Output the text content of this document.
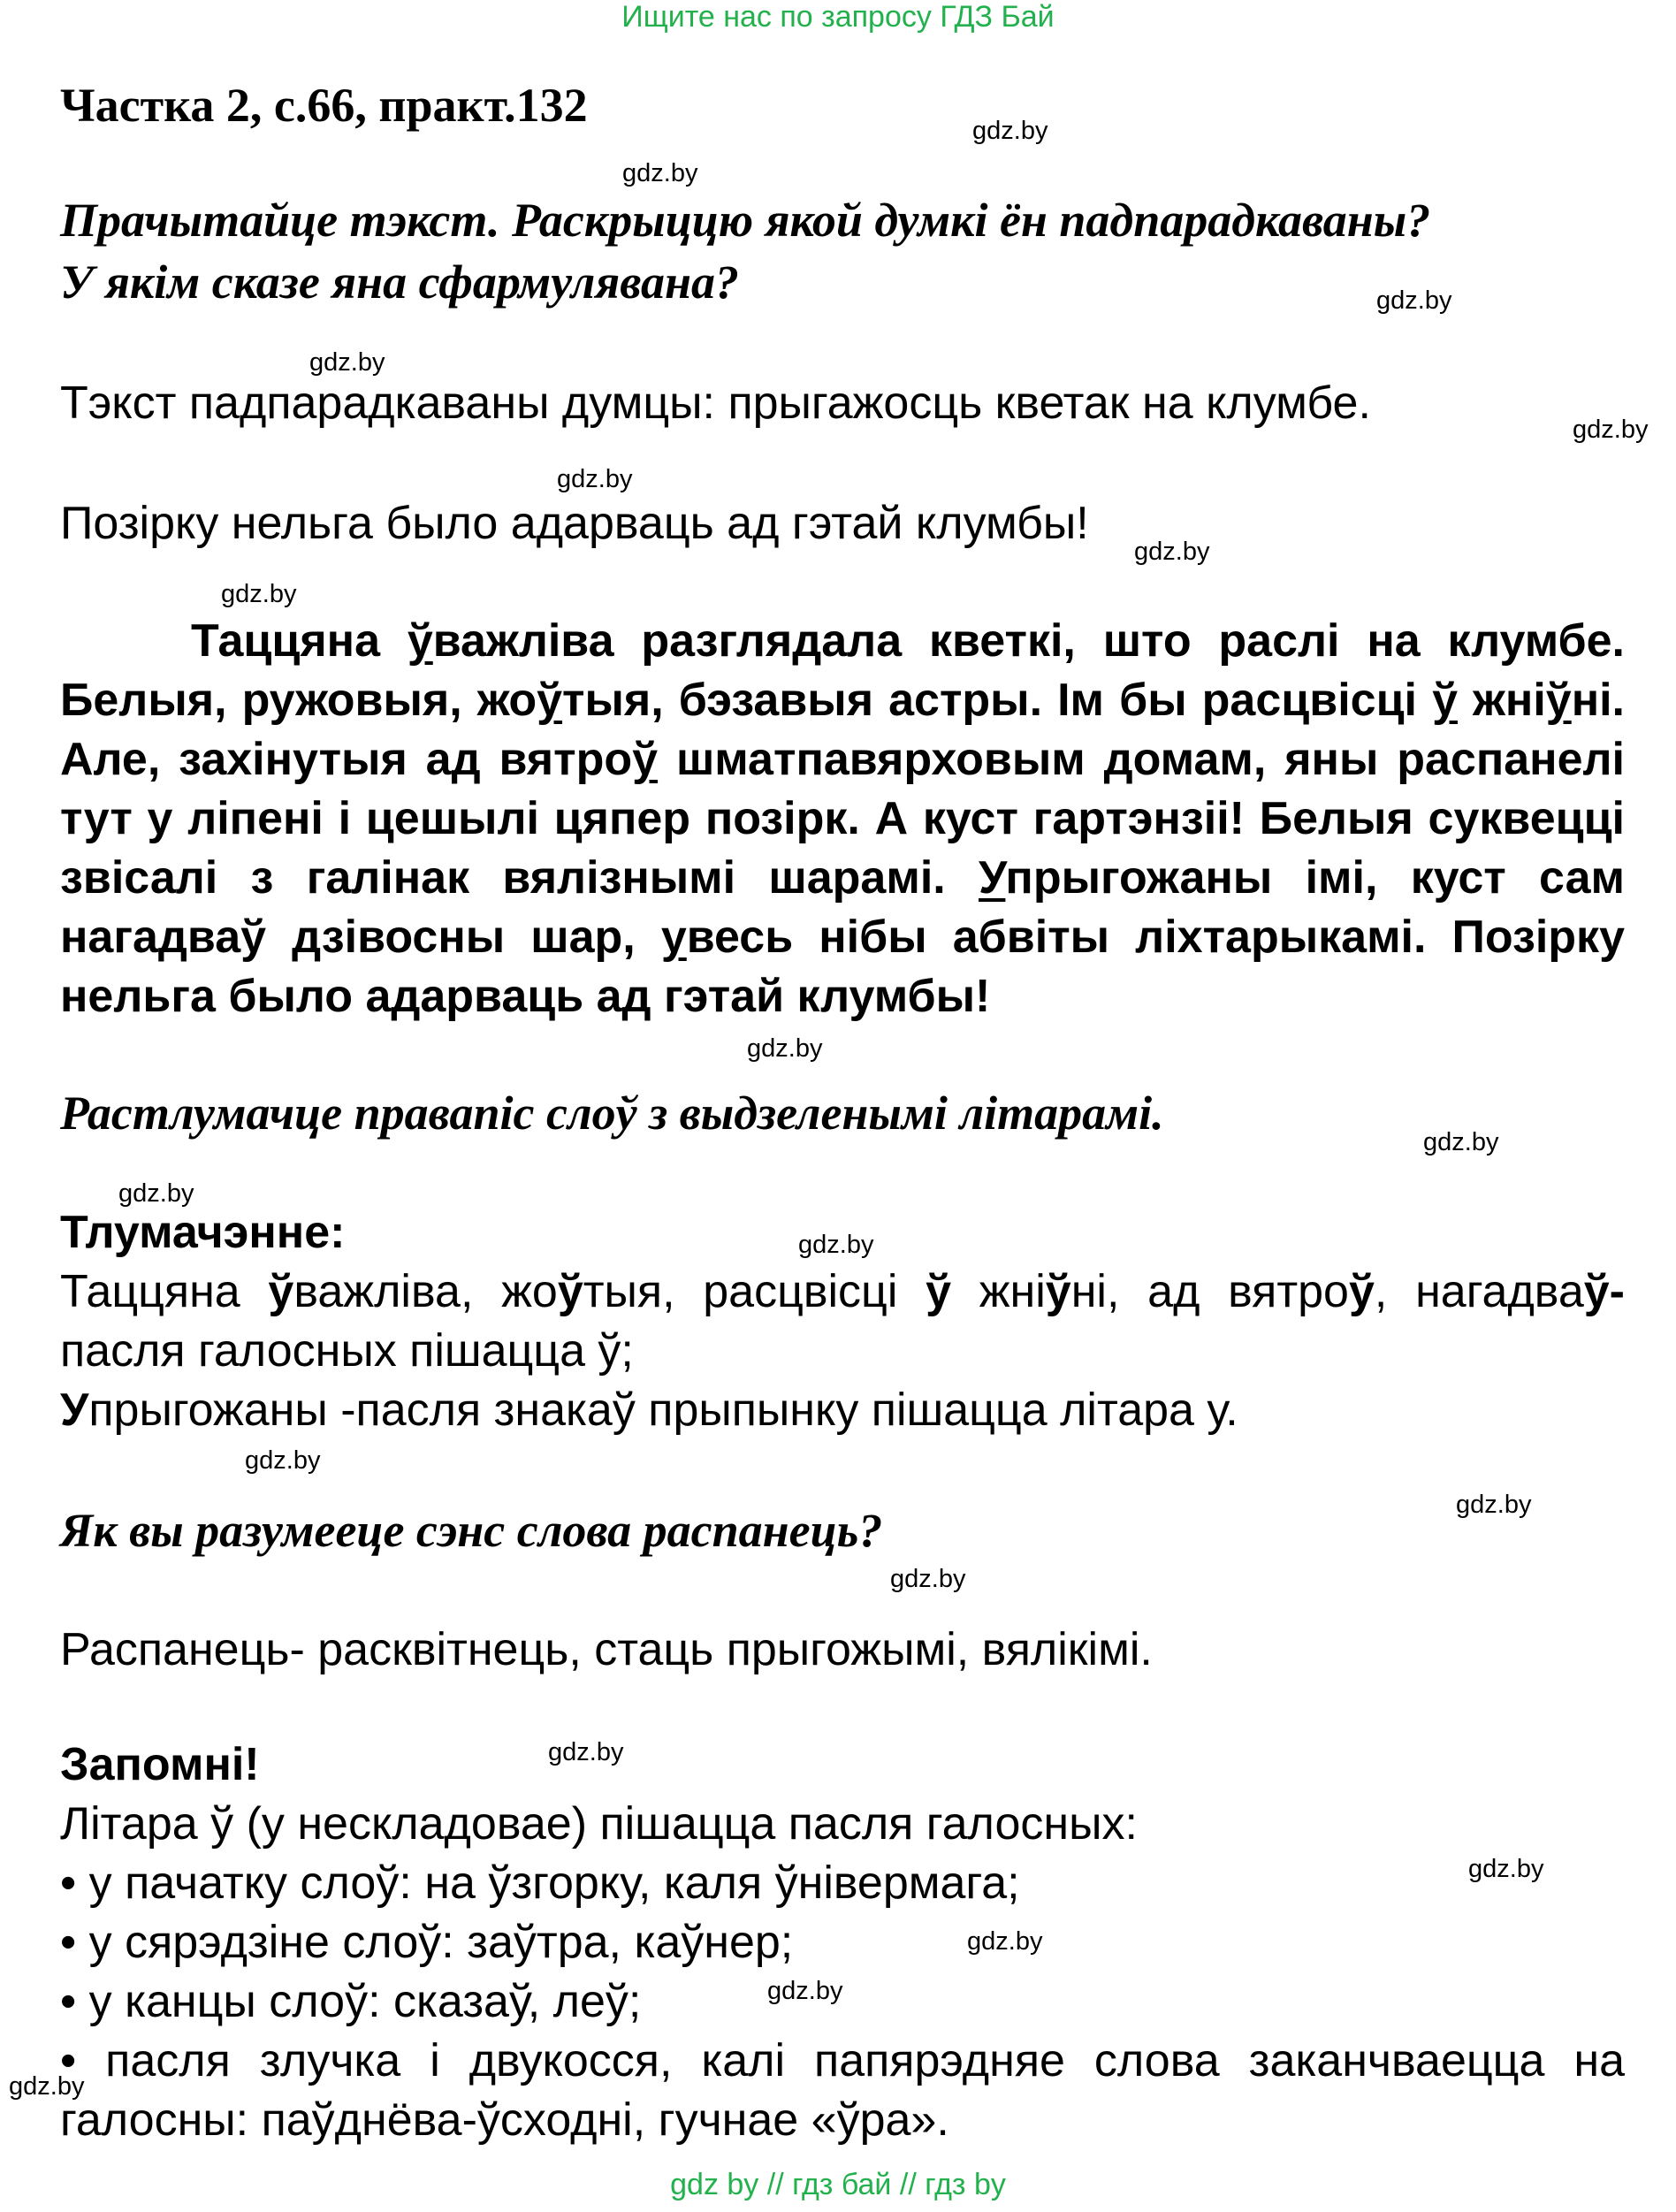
Ищите нас по запросу ГДЗ Бай
Частка 2, с.66, практ.132
Прачытайце тэкст. Раскрыццю якой думкі ён падпарадкаваны?
У якім сказе яна сфармулявана?
Тэкст падпарадкаваны думцы: прыгажосць кветак на клумбе.
Позірку нельга было адарваць ад гэтай клумбы!
Таццяна ўважліва разглядала кветкі, што раслі на клумбе. Белыя, ружовыя, жоўтыя, бэзавыя астры. Ім бы расцвісці ў жніўні. Але, захінутыя ад вятроў шматпавярховым домам, яны распанелі тут у ліпені і цешылі цяпер позірк. А куст гартэнзіі! Белыя суквецці звісалі з галінак вялізнымі шарамі. Упрыгожаны імі, куст сам нагадваў дзівосны шар, увесь нібы абвіты ліхтарыкамі. Позірку нельга было адарваць ад гэтай клумбы!
Растлумачце правапіс слоў з выдзеленымі літарамі.
Тлумачэнне:
Таццяна ўважліва, жоўтыя, расцвісці ў жніўні, ад вятроў, нагадваў-
пасля галосных пішацца ў;
Упрыгожаны -пасля знакаў прыпынку пішацца літара у.
Як вы разумееце сэнс слова распанець?
Распанець- расквітнець, стаць прыгожымі, вялікімі.
Запомні!
Літара ў (у нескладовае) пішацца пасля галосных:
• у пачатку слоў: на ўзгорку, каля ўнівермага;
• у сярэдзіне слоў: заўтра, каўнер;
• у канцы слоў: сказаў, леў;
• пасля злучка і двукосся, калі папярэдняе слова заканчваецца на
галосны: паўднёва-ўсходні, гучнае «ўра».
gdz.by
gdz.by
gdz.by
gdz.by
gdz.by
gdz.by
gdz.by
gdz.by
gdz.by
gdz.by
gdz.by
gdz.by
gdz.by
gdz.by
gdz.by
gdz.by
gdz.by
gdz.by
gdz.by
gdz.by
gdz by // гдз бай // гдз by
